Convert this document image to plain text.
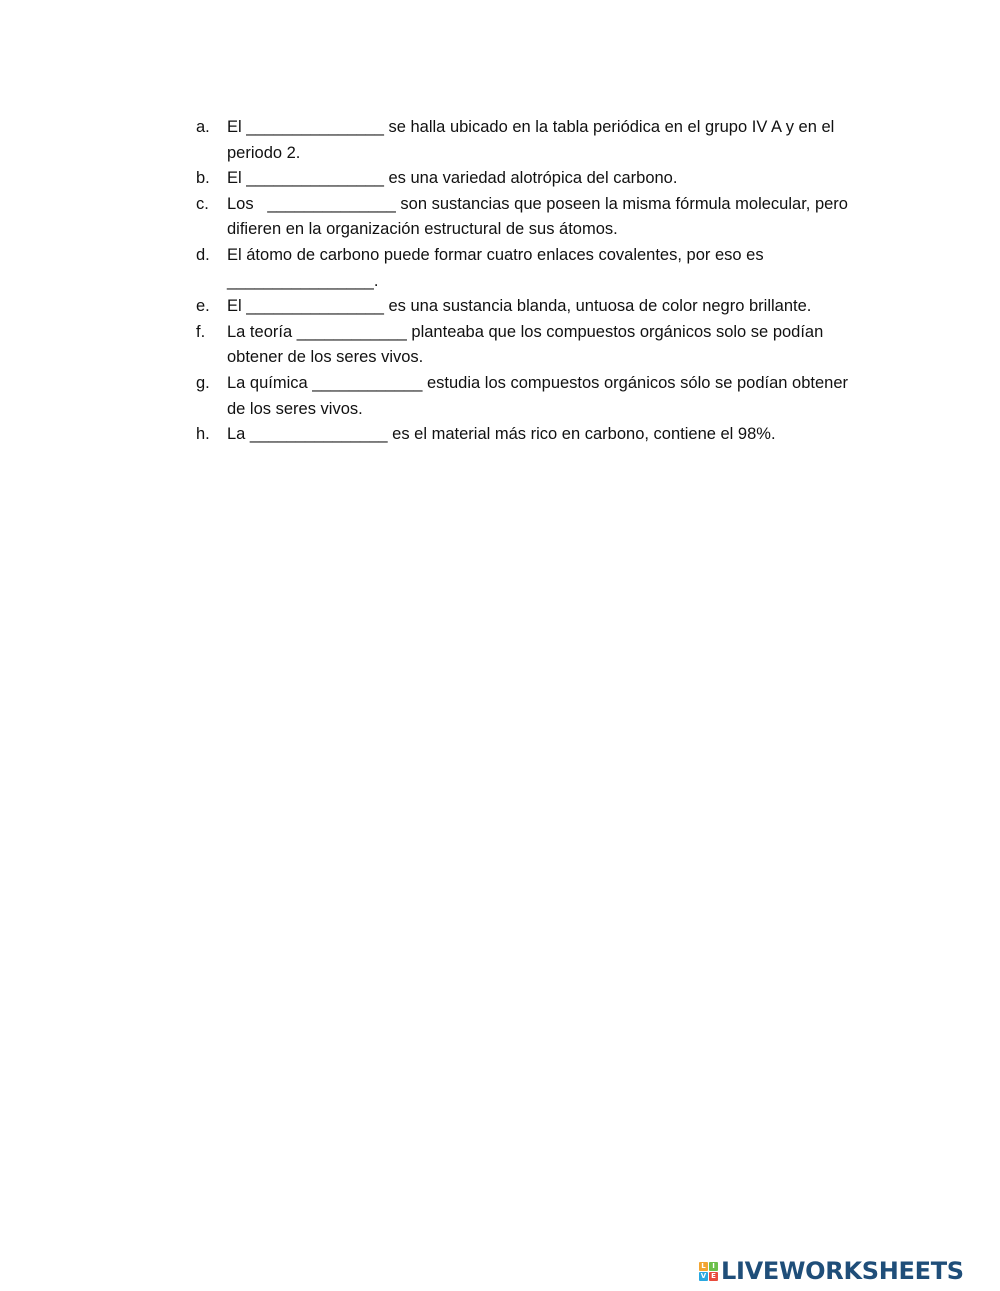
a.	El _______________ se halla ubicado en la tabla periódica en el grupo IV A y en el periodo 2.
b.	El _______________ es una variedad alotrópica del carbono.
c.	Los   ______________ son sustancias que poseen la misma fórmula molecular, pero difieren en la organización estructural de sus átomos.
d.	El átomo de carbono puede formar cuatro enlaces covalentes, por eso es ________________.
e.	El _______________ es una sustancia blanda, untuosa de color negro brillante.
f.	La teoría ____________ planteaba que los compuestos orgánicos solo se podían obtener de los seres vivos.
g.	La química ____________ estudia los compuestos orgánicos sólo se podían obtener de los seres vivos.
h.	La _______________ es el material más rico en carbono, contiene el 98%.
L I
V E LIVEWORKSHEETS
